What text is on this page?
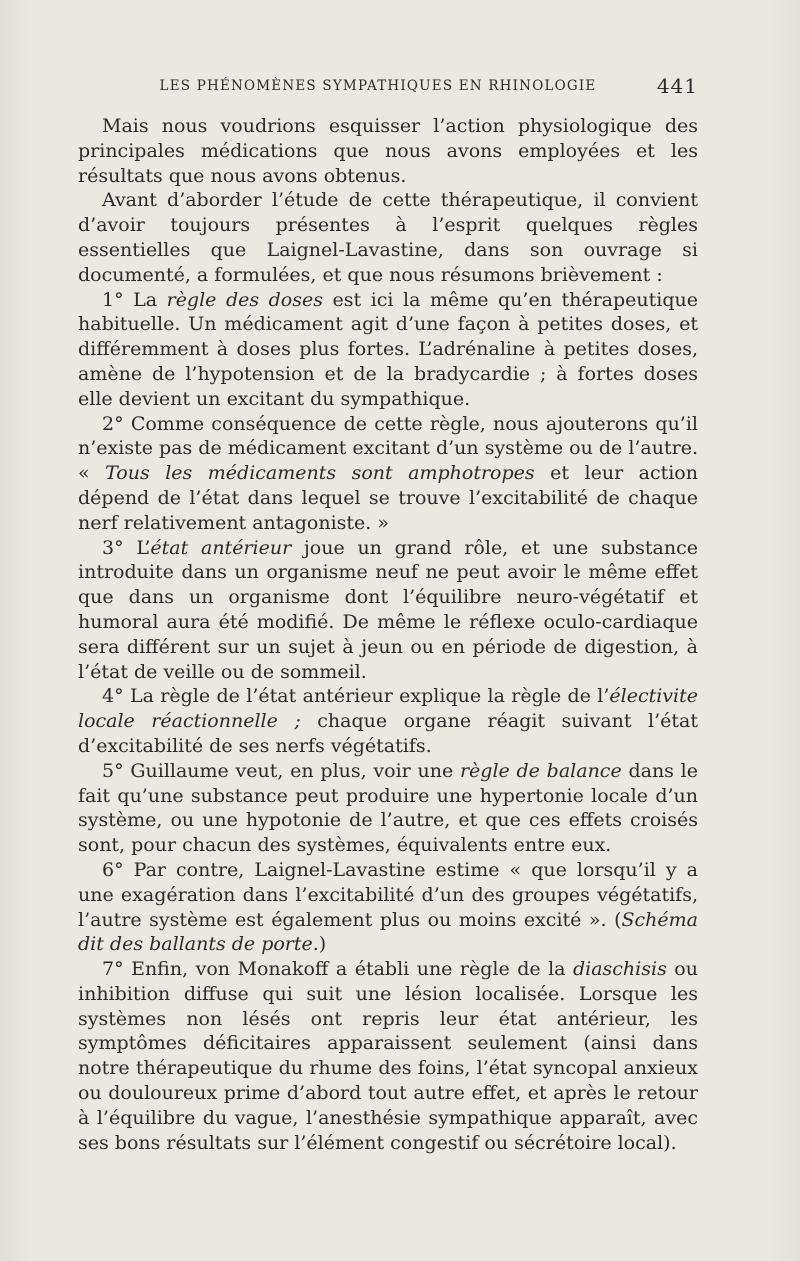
LES PHÉNOMÈNES SYMPATHIQUES EN RHINOLOGIE	441

Mais nous voudrions esquisser l’action physiologique des principales médications que nous avons employées et les résultats que nous avons obtenus.

Avant d’aborder l’étude de cette thérapeutique, il convient d’avoir toujours présentes à l’esprit quelques règles essentielles que Laignel-Lavastine, dans son ouvrage si documenté, a formulées, et que nous résumons brièvement :

1° La règle des doses est ici la même qu’en thérapeutique habituelle. Un médicament agit d’une façon à petites doses, et différemment à doses plus fortes. L’adrénaline à petites doses, amène de l’hypotension et de la bradycardie ; à fortes doses elle devient un excitant du sympathique.

2° Comme conséquence de cette règle, nous ajouterons qu’il n’existe pas de médicament excitant d’un système ou de l’autre. « Tous les médicaments sont amphotropes et leur action dépend de l’état dans lequel se trouve l’excitabilité de chaque nerf relativement antagoniste. »

3° L’état antérieur joue un grand rôle, et une substance introduite dans un organisme neuf ne peut avoir le même effet que dans un organisme dont l’équilibre neuro-végétatif et humoral aura été modifié. De même le réflexe oculo-cardiaque sera différent sur un sujet à jeun ou en période de digestion, à l’état de veille ou de sommeil.

4° La règle de l’état antérieur explique la règle de l’électivite locale réactionnelle ; chaque organe réagit suivant l’état d’excitabilité de ses nerfs végétatifs.

5° Guillaume veut, en plus, voir une règle de balance dans le fait qu’une substance peut produire une hypertonie locale d’un système, ou une hypotonie de l’autre, et que ces effets croisés sont, pour chacun des systèmes, équivalents entre eux.

6° Par contre, Laignel-Lavastine estime « que lorsqu’il y a une exagération dans l’excitabilité d’un des groupes végétatifs, l’autre système est également plus ou moins excité ». (Schéma dit des ballants de porte.)

7° Enfin, von Monakoff a établi une règle de la diaschisis ou inhibition diffuse qui suit une lésion localisée. Lorsque les systèmes non lésés ont repris leur état antérieur, les symptômes déficitaires apparaissent seulement (ainsi dans notre thérapeutique du rhume des foins, l’état syncopal anxieux ou douloureux prime d’abord tout autre effet, et après le retour à l’équilibre du vague, l’anesthésie sympathique apparaît, avec ses bons résultats sur l’élément congestif ou sécrétoire local).
